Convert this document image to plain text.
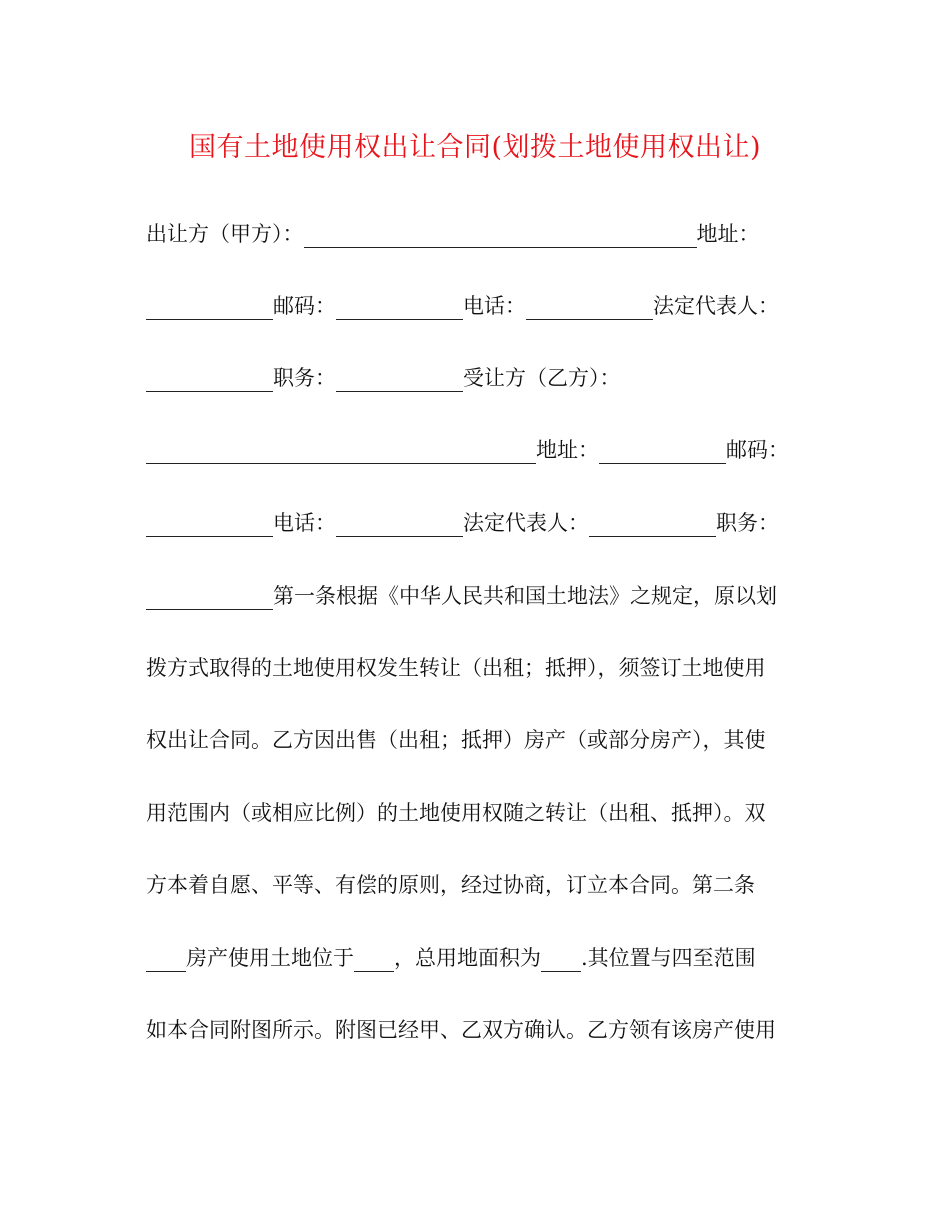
国有土地使用权出让合同(划拨土地使用权出让)
出让方（甲方）：	地址：
邮码：	电话：	法定代表人：
职务：	受让方（乙方）：
地址：	邮码：
电话：	法定代表人：	职务：
第一条根据《中华人民共和国土地法》之规定，原以划
拨方式取得的土地使用权发生转让（出租；抵押），须签订土地使用
权出让合同。乙方因出售（出租；抵押）房产（或部分房产），其使
用范围内（或相应比例）的土地使用权随之转让（出租、抵押）。双
方本着自愿、平等、有偿的原则，经过协商，订立本合同。第二条
房产使用土地位于 ，总用地面积为 .其位置与四至范围
如本合同附图所示。附图已经甲、乙双方确认。乙方领有该房产使用
